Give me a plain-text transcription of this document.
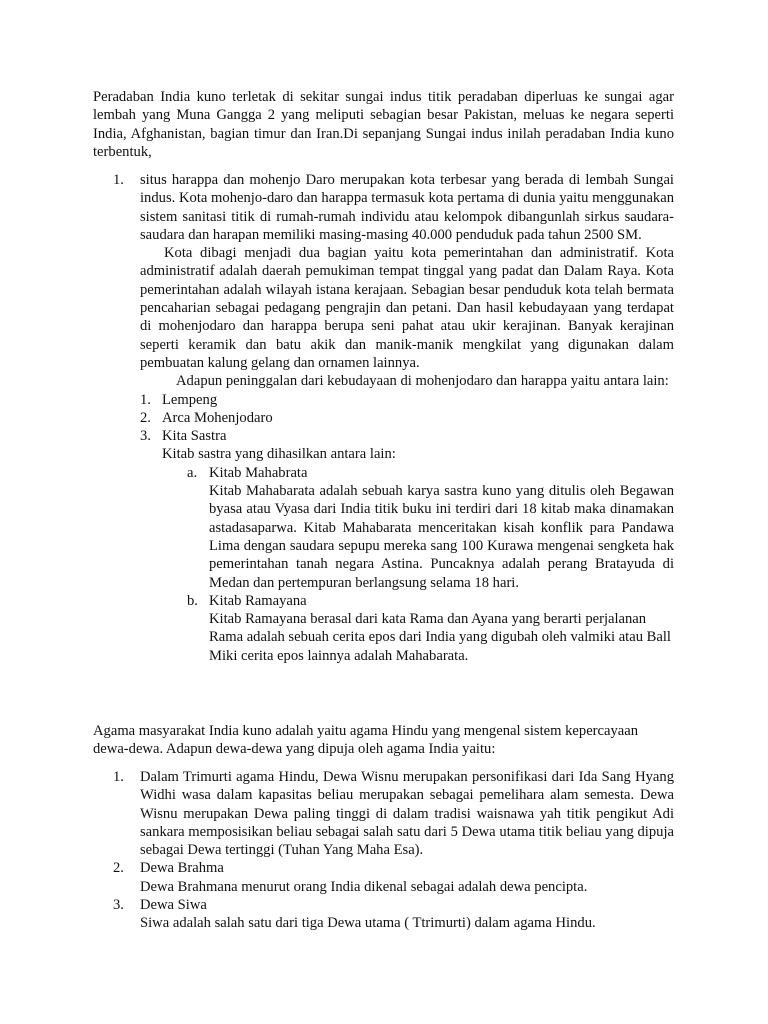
Peradaban India kuno terletak di sekitar sungai indus titik peradaban diperluas ke sungai agar lembah yang Muna Gangga 2 yang meliputi sebagian besar Pakistan, meluas ke negara seperti India, Afghanistan, bagian timur dan Iran.Di sepanjang Sungai indus inilah peradaban India kuno terbentuk,
1. situs harappa dan mohenjo Daro merupakan kota terbesar yang berada di lembah Sungai indus. Kota mohenjo-daro dan harappa termasuk kota pertama di dunia yaitu menggunakan sistem sanitasi titik di rumah-rumah individu atau kelompok dibangunlah sirkus saudara-saudara dan harapan memiliki masing-masing 40.000 penduduk pada tahun 2500 SM.
Kota dibagi menjadi dua bagian yaitu kota pemerintahan dan administratif. Kota administratif adalah daerah pemukiman tempat tinggal yang padat dan Dalam Raya. Kota pemerintahan adalah wilayah istana kerajaan. Sebagian besar penduduk kota telah bermata pencaharian sebagai pedagang pengrajin dan petani. Dan hasil kebudayaan yang terdapat di mohenjodaro dan harappa berupa seni pahat atau ukir kerajinan. Banyak kerajinan seperti keramik dan batu akik dan manik-manik mengkilat yang digunakan dalam pembuatan kalung gelang dan ornamen lainnya.
Adapun peninggalan dari kebudayaan di mohenjodaro dan harappa yaitu antara lain:
1. Lempeng
2. Arca Mohenjodaro
3. Kita Sastra
Kitab sastra yang dihasilkan antara lain:
a. Kitab Mahabrata
Kitab Mahabarata adalah sebuah karya sastra kuno yang ditulis oleh Begawan byasa atau Vyasa dari India titik buku ini terdiri dari 18 kitab maka dinamakan astadasaparwa. Kitab Mahabarata menceritakan kisah konflik para Pandawa Lima dengan saudara sepupu mereka sang 100 Kurawa mengenai sengketa hak pemerintahan tanah negara Astina. Puncaknya adalah perang Bratayuda di Medan dan pertempuran berlangsung selama 18 hari.
b. Kitab Ramayana
Kitab Ramayana berasal dari kata Rama dan Ayana yang berarti perjalanan Rama adalah sebuah cerita epos dari India yang digubah oleh valmiki atau Ball Miki cerita epos lainnya adalah Mahabarata.
Agama masyarakat India kuno adalah yaitu agama Hindu yang mengenal sistem kepercayaan dewa-dewa. Adapun dewa-dewa yang dipuja oleh agama India yaitu:
1. Dalam Trimurti agama Hindu, Dewa Wisnu merupakan personifikasi dari Ida Sang Hyang Widhi wasa dalam kapasitas beliau merupakan sebagai pemelihara alam semesta. Dewa Wisnu merupakan Dewa paling tinggi di dalam tradisi waisnawa yah titik pengikut Adi sankara memposisikan beliau sebagai salah satu dari 5 Dewa utama titik beliau yang dipuja sebagai Dewa tertinggi (Tuhan Yang Maha Esa).
2. Dewa Brahma
Dewa Brahmana menurut orang India dikenal sebagai adalah dewa pencipta.
3. Dewa Siwa
Siwa adalah salah satu dari tiga Dewa utama ( Ttrimurti) dalam agama Hindu.
